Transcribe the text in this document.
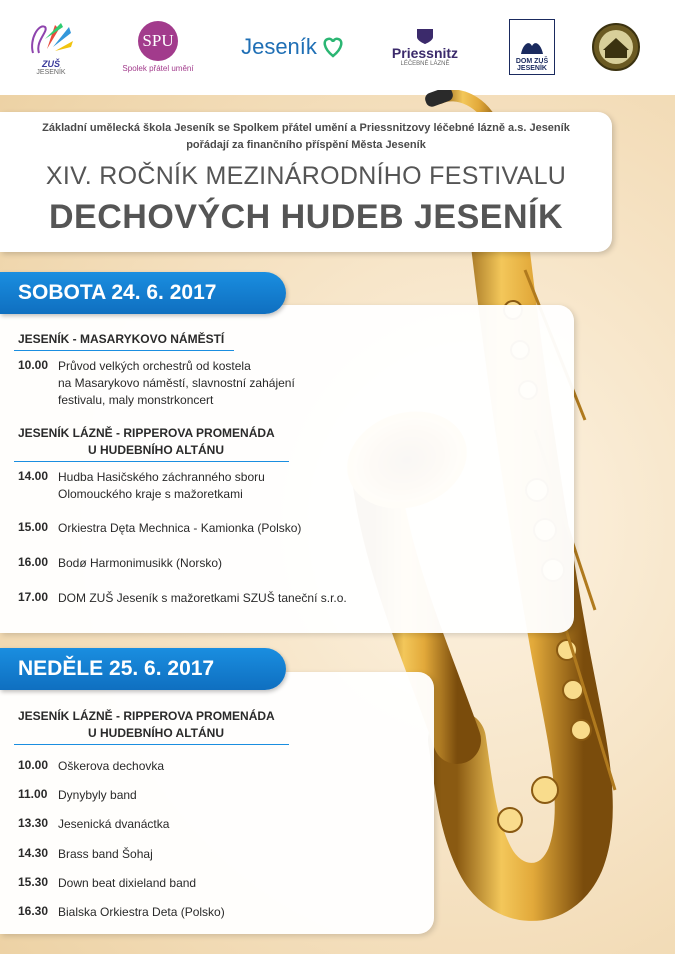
ZUŠ
JESENÍK
SPU
Spolek přátel umění
Jeseník	Priessnitz
LÉČEBNÉ LÁZNĚ	DOM ZUŠ
JESENÍK
Základní umělecká škola Jeseník se Spolkem přátel umění a Priessnitzovy léčebné lázně a.s. Jeseník
pořádají za finančního příspění Města Jeseník
XIV. ROČNÍK MEZINÁRODNÍHO FESTIVALU
DECHOVÝCH HUDEB JESENÍK
JESENÍK - MASARYKOVO NÁMĚSTÍ
10.00 Průvod velkých orchestrů od kostela
na Masarykovo náměstí, slavnostní zahájení
festivalu, maly monstrkoncert
JESENÍK LÁZNĚ - RIPPEROVA PROMENÁDA
U HUDEBNÍHO ALTÁNU
14.00 Hudba Hasičského záchranného sboru
Olomouckého kraje s mažoretkami
15.00 Orkiestra Dęta Mechnica - Kamionka (Polsko)
16.00 Bodø Harmonimusikk (Norsko)
17.00 DOM ZUŠ Jeseník s mažoretkami SZUŠ taneční s.r.o.
SOBOTA 24. 6. 2017
JESENÍK LÁZNĚ - RIPPEROVA PROMENÁDA
U HUDEBNÍHO ALTÁNU
10.00 Oškerova dechovka
11.00 Dynybyly band
13.30 Jesenická dvanáctka
14.30 Brass band Šohaj
15.30 Down beat dixieland band
16.30 Bialska Orkiestra Deta (Polsko)
NEDĚLE 25. 6. 2017
